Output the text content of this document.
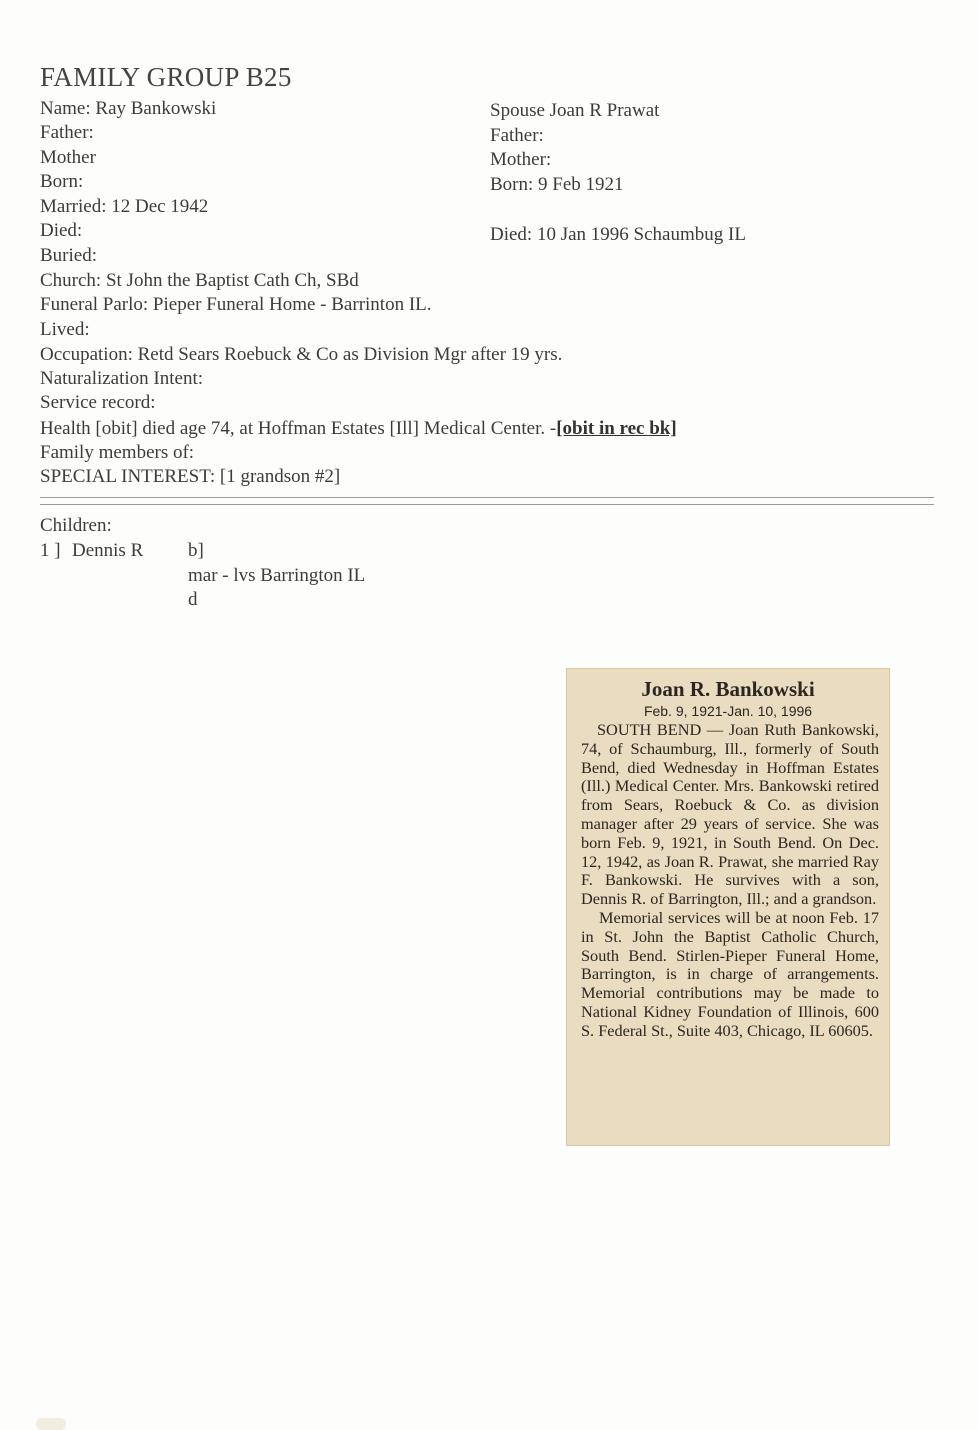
FAMILY GROUP B25
Name: Ray Bankowski
Father:
Mother
Born:
Married: 12 Dec 1942
Died:
Buried:
Church: St John the Baptist Cath Ch, SBd
Funeral Parlo: Pieper Funeral Home - Barrinton IL.
Lived:
Occupation: Retd Sears Roebuck & Co as Division Mgr after 19 yrs.
Naturalization Intent:
Service record:
Health [obit] died age 74, at Hoffman Estates [Ill] Medical Center. -[obit in rec bk]
Family members of:
SPECIAL INTEREST: [1 grandson #2]
Spouse Joan R Prawat
Father:
Mother:
Born: 9 Feb 1921
Died: 10 Jan 1996 Schaumbug IL
Children:
1 ] Dennis R b]
mar - lvs Barrington IL
d
Joan R. Bankowski
Feb. 9, 1921-Jan. 10, 1996

SOUTH BEND — Joan Ruth Bankowski, 74, of Schaumburg, Ill., formerly of South Bend, died Wednesday in Hoffman Estates (Ill.) Medical Center. Mrs. Bankowski retired from Sears, Roebuck & Co. as division manager after 29 years of service. She was born Feb. 9, 1921, in South Bend. On Dec. 12, 1942, as Joan R. Prawat, she married Ray F. Bankowski. He survives with a son, Dennis R. of Barrington, Ill.; and a grandson.

Memorial services will be at noon Feb. 17 in St. John the Baptist Catholic Church, South Bend. Stirlen-Pieper Funeral Home, Barrington, is in charge of arrangements. Memorial contributions may be made to National Kidney Foundation of Illinois, 600 S. Federal St., Suite 403, Chicago, IL 60605.
